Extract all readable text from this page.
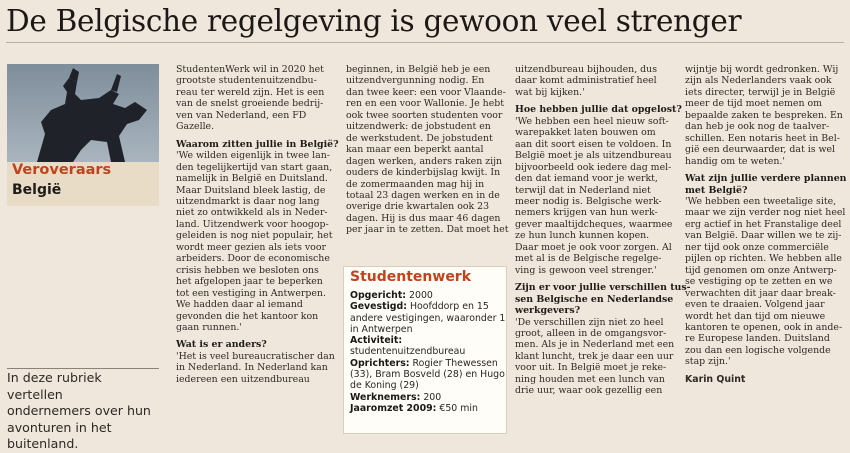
De Belgische regelgeving is gewoon veel strenger
Veroveraars
België
In deze rubriek vertellen
ondernemers over hun
avonturen in het
buitenland.

StudentenWerk wil in 2020 het

grootste studentenuitzendbu-

reau ter wereld zijn. Het is een

van de snelst groeiende bedrij-

ven van Nederland, een FD

Gazelle.

Waarom zitten jullie in België?

'We wilden eigenlijk in twee lan-

den tegelijkertijd van start gaan,

namelijk in België en Duitsland.

Maar Duitsland bleek lastig, de

uitzendmarkt is daar nog lang

niet zo ontwikkeld als in Neder-

land. Uitzendwerk voor hoogop-

geleiden is nog niet populair, het

wordt meer gezien als iets voor

arbeiders. Door de economische

crisis hebben we besloten ons

het afgelopen jaar te beperken

tot een vestiging in Antwerpen.

We hadden daar al iemand

gevonden die het kantoor kon

gaan runnen.'

Wat is er anders?

'Het is veel bureaucratischer dan

in Nederland. In Nederland kan

iedereen een uitzendbureau

beginnen, in België heb je een

uitzendvergunning nodig. En

dan twee keer: een voor Vlaande-

ren en een voor Wallonie. Je hebt

ook twee soorten studenten voor

uitzendwerk: de jobstudent en

de werkstudent. De jobstudent

kan maar een beperkt aantal

dagen werken, anders raken zijn

ouders de kinderbijslag kwijt. In

de zomermaanden mag hij in

totaal 23 dagen werken en in de

overige drie kwartalen ook 23

dagen. Hij is dus maar 46 dagen

per jaar in te zetten. Dat moet het

uitzendbureau bijhouden, dus

daar komt administratief heel

wat bij kijken.'

Hoe hebben jullie dat opgelost?

'We hebben een heel nieuw soft-

warepakket laten bouwen om

aan dit soort eisen te voldoen. In

België moet je als uitzendbureau

bijvoorbeeld ook iedere dag mel-

den dat iemand voor je werkt,

terwijl dat in Nederland niet

meer nodig is. Belgische werk-

nemers krijgen van hun werk-

gever maaltijdcheques, waarmee

ze hun lunch kunnen kopen.

Daar moet je ook voor zorgen. Al

met al is de Belgische regelge-

ving is gewoon veel strenger.'

Zijn er voor jullie verschillen tus-

sen Belgische en Nederlandse

werkgevers?

'De verschillen zijn niet zo heel

groot, alleen in de omgangsvor-

men. Als je in Nederland met een

klant luncht, trek je daar een uur

voor uit. In België moet je reke-

ning houden met een lunch van

drie uur, waar ook gezellig een

wijntje bij wordt gedronken. Wij

zijn als Nederlanders vaak ook

iets directer, terwijl je in België

meer de tijd moet nemen om

bepaalde zaken te bespreken. En

dan heb je ook nog de taalver-

schillen. Een notaris heet in Bel-

gië een deurwaarder, dat is wel

handig om te weten.'

Wat zijn jullie verdere plannen

met België?

'We hebben een tweetalige site,

maar we zijn verder nog niet heel

erg actief in het Franstalige deel

van België. Daar willen we te zij-

ner tijd ook onze commerciële

pijlen op richten. We hebben alle

tijd genomen om onze Antwerp-

se vestiging op te zetten en we

verwachten dit jaar daar break-

even te draaien. Volgend jaar

wordt het dan tijd om nieuwe

kantoren te openen, ook in ande-

re Europese landen. Duitsland

zou dan een logische volgende

stap zijn.'

Karin Quint

Studentenwerk
Opgericht: 2000
Gevestigd: Hoofddorp en 15
andere vestigingen, waaronder 1
in Antwerpen
Activiteit:
studentenuitzendbureau
Oprichters: Rogier Thewessen
(33), Bram Bosveld (28) en Hugo
de Koning (29)
Werknemers: 200
Jaaromzet 2009: €50 min
